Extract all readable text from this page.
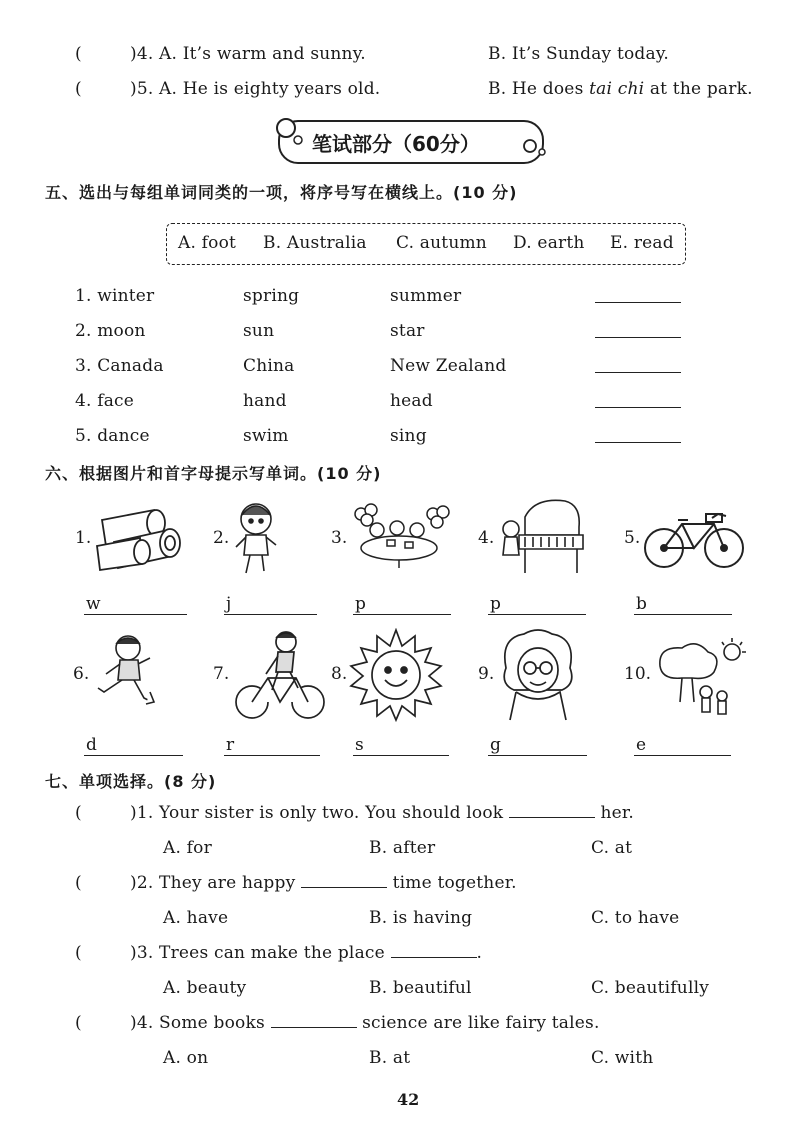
(	)4. A. It’s warm and sunny.	B. It’s Sunday today.
(	)5. A. He is eighty years old.	B. He does tai chi at the park.
笔试部分（60分）
五、选出与每组单词同类的一项，将序号写在横线上。(10 分)
A. foot B. Australia C. autumn D. earth E. read
1. winter	spring	summer
2. moon	sun	star
3. Canada	China	New Zealand
4. face	hand	head
5. dance	swim	sing
六、根据图片和首字母提示写单词。(10 分)
1.
w
2.
j
3.
p
4.
p
5.
b
6.
d
7.
r
8.
s
9.
g
10.
e
七、单项选择。(8 分)
(	)1. Your sister is only two. You should look	her.
A. for	B. after	C. at
(	)2. They are happy	time together.
A. have	B. is having	C. to have
(	)3. Trees can make the place	.
A. beauty	B. beautiful	C. beautifully
(	)4. Some books	science are like fairy tales.
A. on	B. at	C. with
42
